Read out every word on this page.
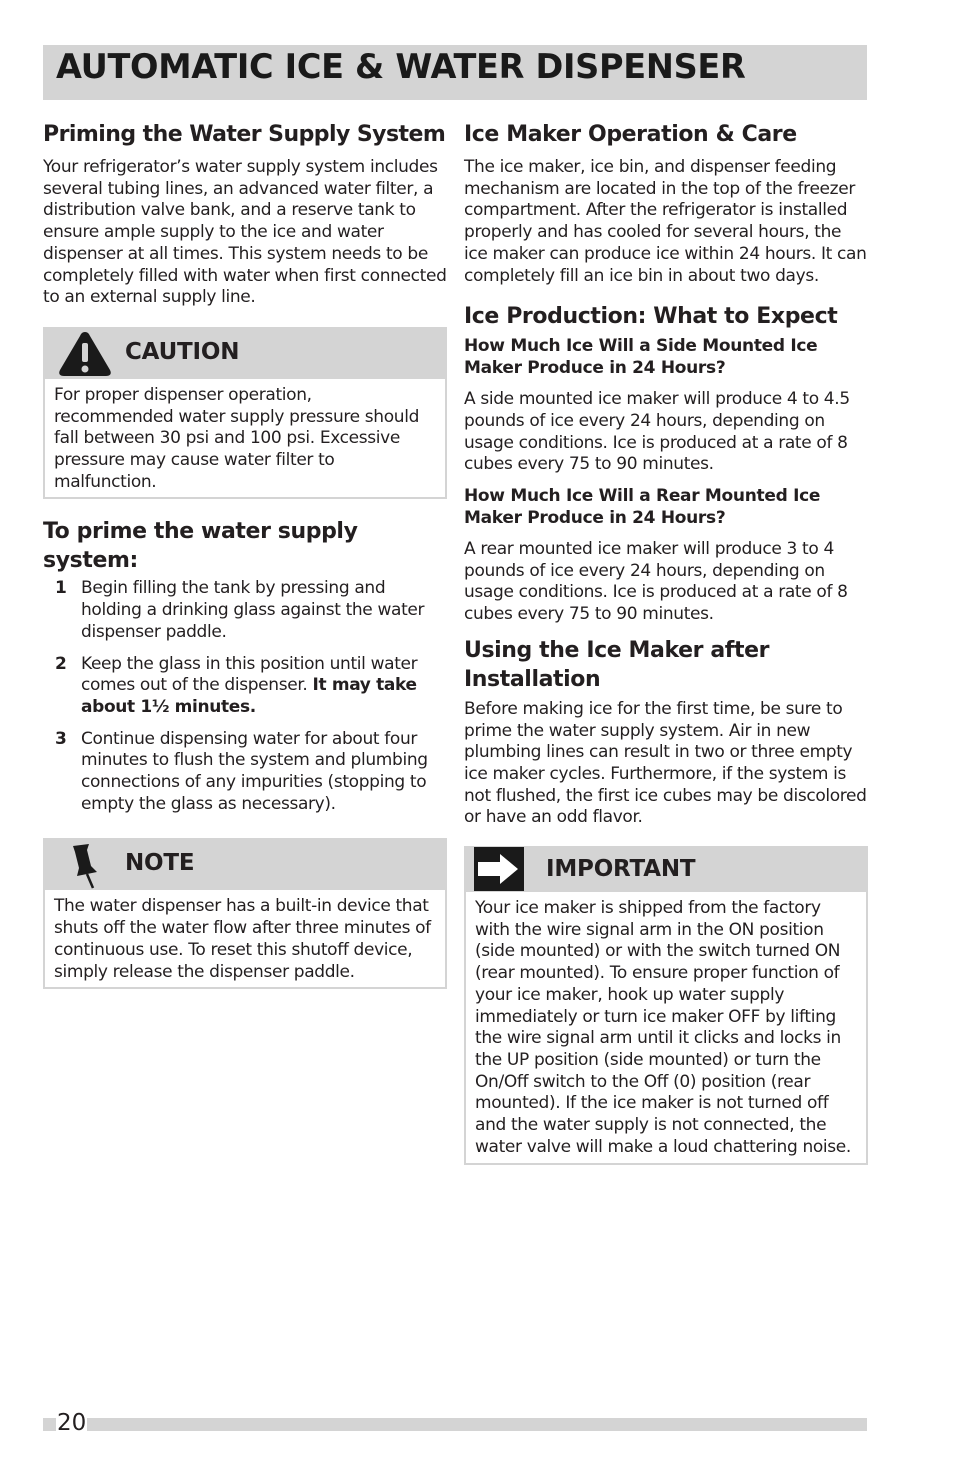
AUTOMATIC ICE & WATER DISPENSER
Priming the Water Supply System

Your refrigerator’s water supply system includes several tubing lines, an advanced water filter, a distribution valve bank, and a reserve tank to ensure ample supply to the ice and water dispenser at all times. This system needs to be completely filled with water when first connected to an external supply line.

CAUTION

For proper dispenser operation, recommended water supply pressure should fall between 30 psi and 100 psi. Excessive pressure may cause water filter to malfunction.

To prime the water supply system:
1 Begin filling the tank by pressing and holding a drinking glass against the water dispenser paddle.
2 Keep the glass in this position until water comes out of the dispenser. It may take about 1½ minutes.
3 Continue dispensing water for about four minutes to flush the system and plumbing connections of any impurities (stopping to empty the glass as necessary).
NOTE

The water dispenser has a built-in device that shuts off the water flow after three minutes of continuous use. To reset this shutoff device, simply release the dispenser paddle.

Ice Maker Operation & Care

The ice maker, ice bin, and dispenser feeding mechanism are located in the top of the freezer compartment. After the refrigerator is installed properly and has cooled for several hours, the ice maker can produce ice within 24 hours. It can completely fill an ice bin in about two days.

Ice Production: What to Expect
How Much Ice Will a Side Mounted Ice Maker Produce in 24 Hours?

A side mounted ice maker will produce 4 to 4.5 pounds of ice every 24 hours, depending on usage conditions. Ice is produced at a rate of 8 cubes every 75 to 90 minutes.

How Much Ice Will a Rear Mounted Ice Maker Produce in 24 Hours?

A rear mounted ice maker will produce 3 to 4 pounds of ice every 24 hours, depending on usage conditions. Ice is produced at a rate of 8 cubes every 75 to 90 minutes.

Using the Ice Maker after Installation

Before making ice for the first time, be sure to prime the water supply system. Air in new plumbing lines can result in two or three empty ice maker cycles. Furthermore, if the system is not flushed, the first ice cubes may be discolored or have an odd flavor.

IMPORTANT

Your ice maker is shipped from the factory with the wire signal arm in the ON position (side mounted) or with the switch turned ON (rear mounted). To ensure proper function of your ice maker, hook up water supply immediately or turn ice maker OFF by lifting the wire signal arm until it clicks and locks in the UP position (side mounted) or turn the On/Off switch to the Off (0) position (rear mounted). If the ice maker is not turned off and the water supply is not connected, the water valve will make a loud chattering noise.

20
